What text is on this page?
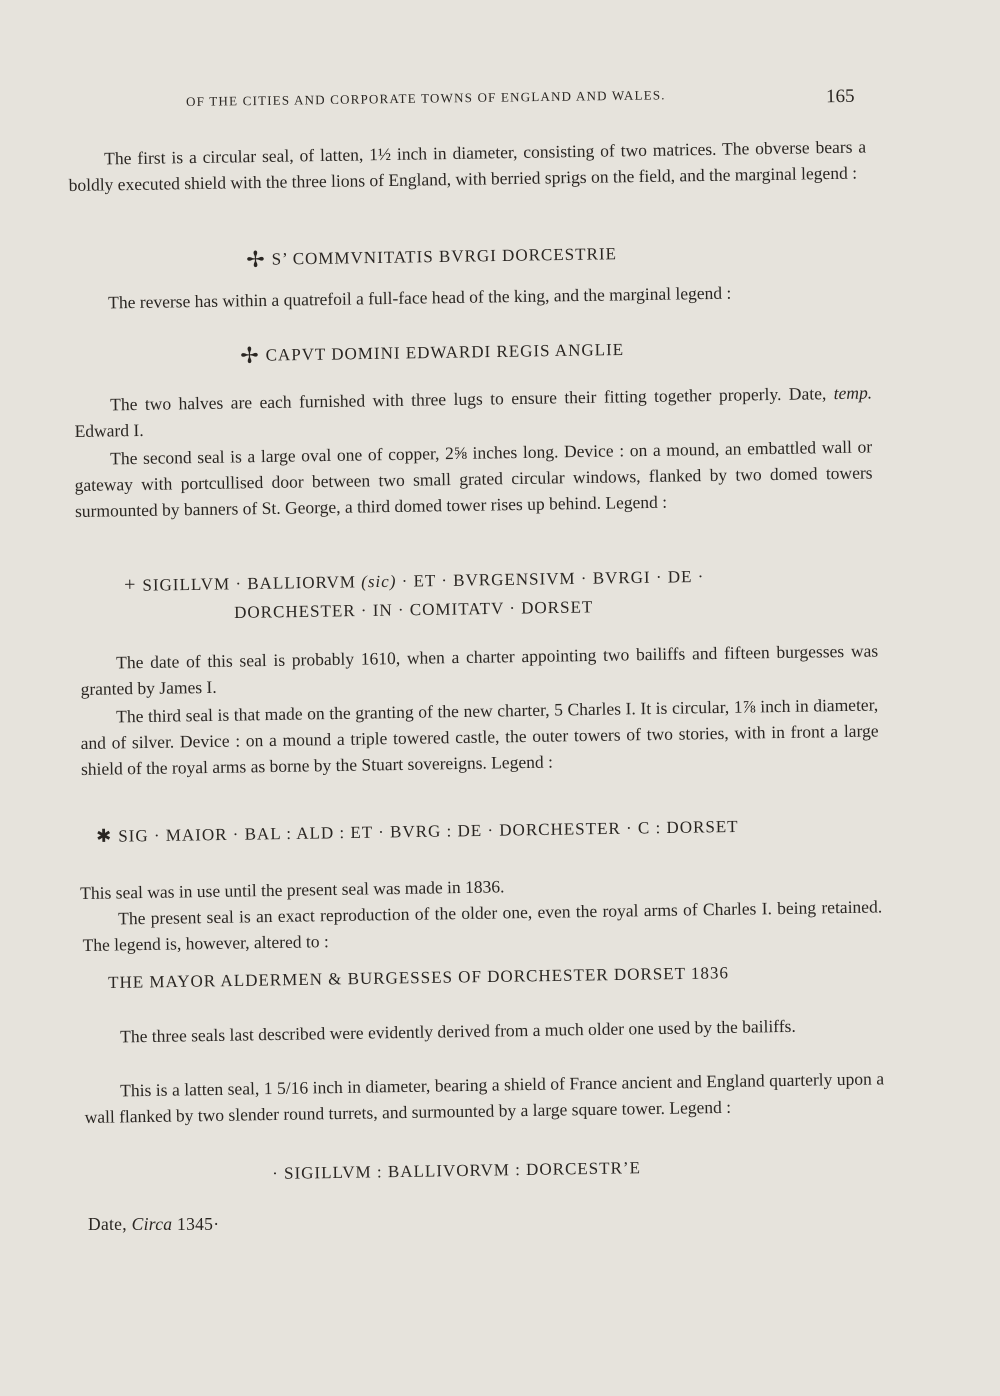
OF THE CITIES AND CORPORATE TOWNS OF ENGLAND AND WALES.	165

The first is a circular seal, of latten, 1½ inch in diameter, consisting of two matrices. The obverse bears a boldly executed shield with the three lions of England, with berried sprigs on the field, and the marginal legend :

✢ S’ COMMVNITATIS BVRGI DORCESTRIE

The reverse has within a quatrefoil a full-face head of the king, and the marginal legend :

✢ CAPVT DOMINI EDWARDI REGIS ANGLIE

The two halves are each furnished with three lugs to ensure their fitting together properly. Date, temp. Edward I.

The second seal is a large oval one of copper, 2⅝ inches long. Device : on a mound, an embattled wall or gateway with portcullised door between two small grated circular windows, flanked by two domed towers surmounted by banners of St. George, a third domed tower rises up behind. Legend :

+ SIGILLVM · BALLIORVM (sic) · ET · BVRGENSIVM · BVRGI · DE ·
DORCHESTER · IN · COMITATV · DORSET

The date of this seal is probably 1610, when a charter appointing two bailiffs and fifteen burgesses was granted by James I.

The third seal is that made on the granting of the new charter, 5 Charles I. It is circular, 1⅞ inch in diameter, and of silver. Device : on a mound a triple towered castle, the outer towers of two stories, with in front a large shield of the royal arms as borne by the Stuart sovereigns. Legend :

✱ SIG · MAIOR · BAL : ALD : ET · BVRG : DE · DORCHESTER · C : DORSET

This seal was in use until the present seal was made in 1836.

The present seal is an exact reproduction of the older one, even the royal arms of Charles I. being retained. The legend is, however, altered to :

THE MAYOR ALDERMEN & BURGESSES OF DORCHESTER DORSET 1836

The three seals last described were evidently derived from a much older one used by the bailiffs.

This is a latten seal, 1 5/16 inch in diameter, bearing a shield of France ancient and England quarterly upon a wall flanked by two slender round turrets, and surmounted by a large square tower. Legend :

· SIGILLVM : BALLIVORVM : DORCESTR’E
Date, Circa 1345·
